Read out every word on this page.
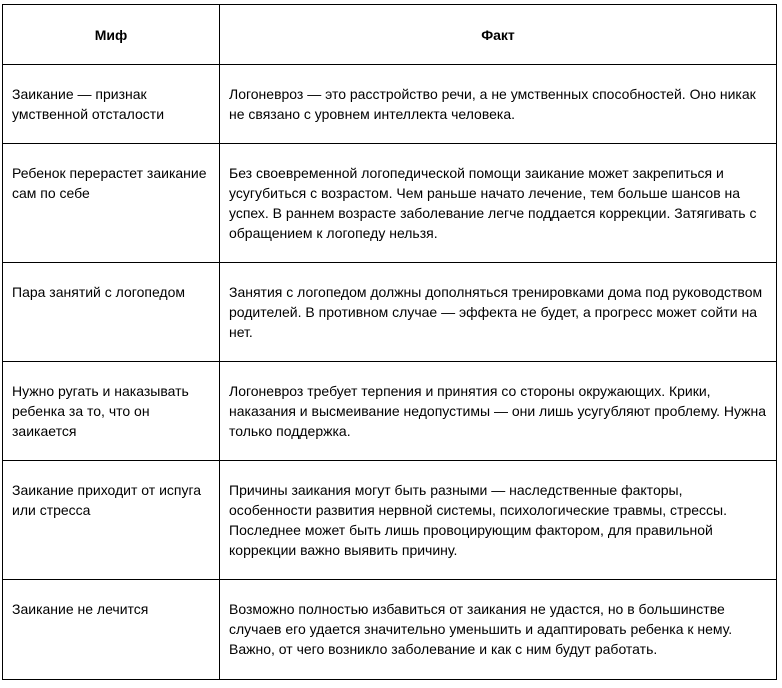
Миф	Факт

Заикание — признак умственной отсталости	Логоневроз — это расстройство речи, а не умственных способностей. Оно никак не связано с уровнем интеллекта человека.

Ребенок перерастет заикание сам по себе	Без своевременной логопедической помощи заикание может закрепиться и усугубиться с возрастом. Чем раньше начато лечение, тем больше шансов на успех. В раннем возрасте заболевание легче поддается коррекции. Затягивать с обращением к логопеду нельзя.

Пара занятий с логопедом	Занятия с логопедом должны дополняться тренировками дома под руководством родителей. В противном случае — эффекта не будет, а прогресс может сойти на нет.

Нужно ругать и наказывать ребенка за то, что он заикается	Логоневроз требует терпения и принятия со стороны окружающих. Крики, наказания и высмеивание недопустимы — они лишь усугубляют проблему. Нужна только поддержка.

Заикание приходит от испуга или стресса	Причины заикания могут быть разными — наследственные факторы, особенности развития нервной системы, психологические травмы, стрессы. Последнее может быть лишь провоцирующим фактором, для правильной коррекции важно выявить причину.

Заикание не лечится	Возможно полностью избавиться от заикания не удастся, но в большинстве случаев его удается значительно уменьшить и адаптировать ребенка к нему. Важно, от чего возникло заболевание и как с ним будут работать.
